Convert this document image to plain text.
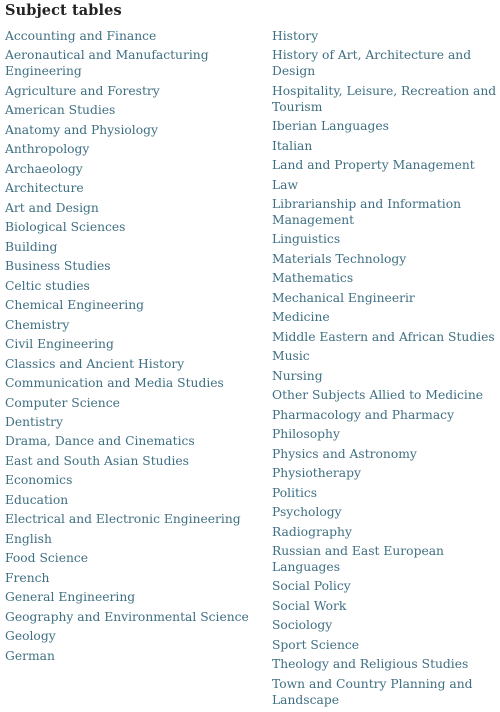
Subject tables
Accounting and Finance
Aeronautical and Manufacturing Engineering
Agriculture and Forestry
American Studies
Anatomy and Physiology
Anthropology
Archaeology
Architecture
Art and Design
Biological Sciences
Building
Business Studies
Celtic studies
Chemical Engineering
Chemistry
Civil Engineering
Classics and Ancient History
Communication and Media Studies
Computer Science
Dentistry
Drama, Dance and Cinematics
East and South Asian Studies
Economics
Education
Electrical and Electronic Engineering
English
Food Science
French
General Engineering
Geography and Environmental Science
Geology
German
History
History of Art, Architecture and Design
Hospitality, Leisure, Recreation and Tourism
Iberian Languages
Italian
Land and Property Management
Law
Librarianship and Information Management
Linguistics
Materials Technology
Mathematics
Mechanical Engineerir
Medicine
Middle Eastern and African Studies
Music
Nursing
Other Subjects Allied to Medicine
Pharmacology and Pharmacy
Philosophy
Physics and Astronomy
Physiotherapy
Politics
Psychology
Radiography
Russian and East European Languages
Social Policy
Social Work
Sociology
Sport Science
Theology and Religious Studies
Town and Country Planning and Landscape
